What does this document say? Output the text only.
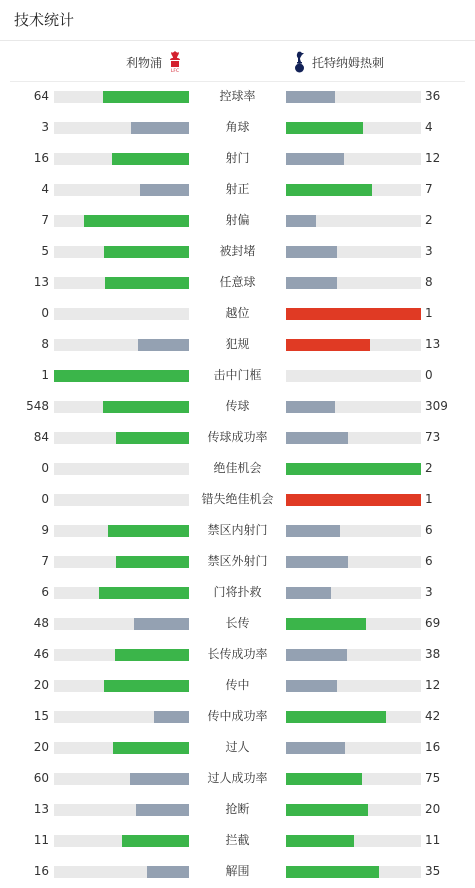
技术统计
利物浦
LFC
托特纳姆热刺
64	控球率	36
3	角球	4
16	射门	12
4	射正	7
7	射偏	2
5	被封堵	3
13	任意球	8
0	越位	1
8	犯规	13
1	击中门框	0
548	传球	309
84	传球成功率	73
0	绝佳机会	2
0	错失绝佳机会	1
9	禁区内射门	6
7	禁区外射门	6
6	门将扑救	3
48	长传	69
46	长传成功率	38
20	传中	12
15	传中成功率	42
20	过人	16
60	过人成功率	75
13	抢断	20
11	拦截	11
16	解围	35
